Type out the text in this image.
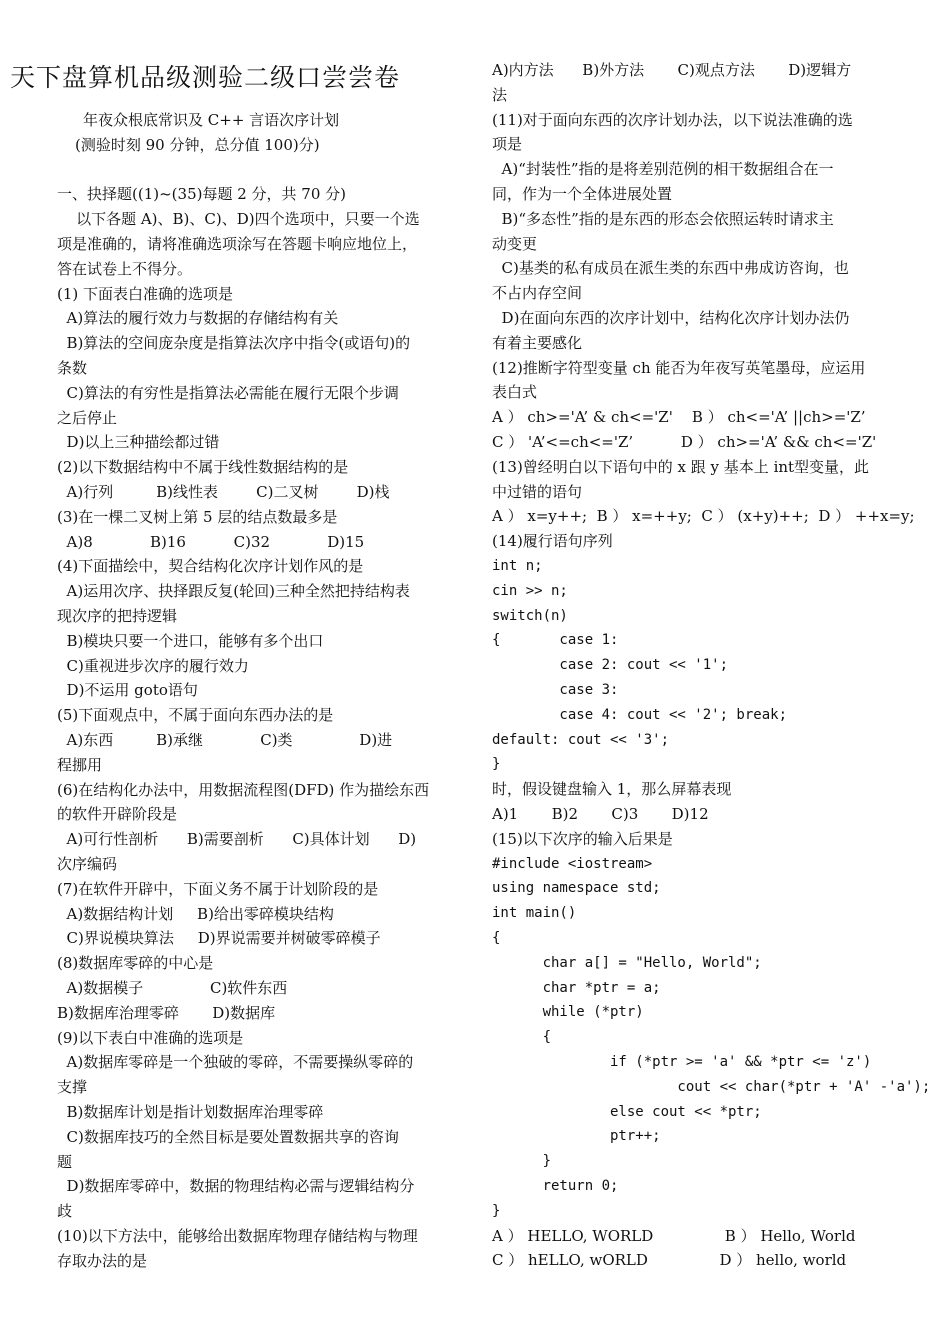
天下盘算机品级测验二级口尝尝卷
年夜众根底常识及 C++ 言语次序计划
(测验时刻 90 分钟，总分值 100)分)
一、抉择题((1)~(35)每题 2 分，共 70 分)
以下各题 A)、B)、C)、D)四个选项中，只要一个选
项是准确的，请将准确选项涂写在答题卡响应地位上，
答在试卷上不得分。
(1) 下面表白准确的选项是
A)算法的履行效力与数据的存储结构有关
B)算法的空间庞杂度是指算法次序中指令(或语句)的
条数
C)算法的有穷性是指算法必需能在履行无限个步调
之后停止
D)以上三种描绘都过错
(2)以下数据结构中不属于线性数据结构的是
A)行列         B)线性表        C)二叉树        D)栈
(3)在一棵二叉树上第 5 层的结点数最多是
A)8            B)16          C)32            D)15
(4)下面描绘中，契合结构化次序计划作风的是
A)运用次序、抉择跟反复(轮回)三种全然把持结构表
现次序的把持逻辑
B)模块只要一个进口，能够有多个出口
C)重视进步次序的履行效力
D)不运用 goto语句
(5)下面观点中，不属于面向东西办法的是
A)东西         B)承继            C)类              D)进
程挪用
(6)在结构化办法中，用数据流程图(DFD) 作为描绘东西
的软件开辟阶段是
A)可行性剖析      B)需要剖析      C)具体计划      D)
次序编码
(7)在软件开辟中，下面义务不属于计划阶段的是
A)数据结构计划     B)给出零碎模块结构
C)界说模块算法     D)界说需要并树破零碎模子
(8)数据库零碎的中心是
A)数据模子              C)软件东西
B)数据库治理零碎       D)数据库
(9)以下表白中准确的选项是
A)数据库零碎是一个独破的零碎，不需要操纵零碎的
支撑
B)数据库计划是指计划数据库治理零碎
C)数据库技巧的全然目标是要处置数据共享的咨询
题
D)数据库零碎中，数据的物理结构必需与逻辑结构分
歧
(10)以下方法中，能够给出数据库物理存储结构与物理
存取办法的是
A)内方法      B)外方法       C)观点方法       D)逻辑方
法
(11)对于面向东西的次序计划办法，以下说法准确的选
项是
A)“封装性”指的是将差别范例的相干数据组合在一
同，作为一个全体进展处置
B)“多态性”指的是东西的形态会依照运转时请求主
动变更
C)基类的私有成员在派生类的东西中弗成访咨询，也
不占内存空间
D)在面向东西的次序计划中，结构化次序计划办法仍
有着主要感化
(12)推断字符型变量 ch 能否为年夜写英笔墨母，应运用
表白式
A ） ch>='A’ & ch<='Z'    B ） ch<='A’ ||ch>='Z’
C ） 'A’<=ch<='Z’          D ） ch>='A’ && ch<='Z'
(13)曾经明白以下语句中的 x 跟 y 基本上 int型变量，此
中过错的语句
A ） x=y++;  B ） x=++y;  C ） (x+y)++;  D ） ++x=y;
(14)履行语句序列
int n;
cin >> n;
switch(n)
{       case 1:
case 2: cout << '1';
case 3:
case 4: cout << '2'; break;
default: cout << '3';
}
时，假设键盘输入 1，那么屏幕表现
A)1       B)2       C)3       D)12
(15)以下次序的输入后果是
#include <iostream>
using namespace std;
int main()
{
char a[] = "Hello, World";
char *ptr = a;
while (*ptr)
{
if (*ptr >= 'a' && *ptr <= 'z')
cout << char(*ptr + 'A' -'a');
else cout << *ptr;
ptr++;
}
return 0;
}
A ） HELLO, WORLD               B ） Hello, World
C ） hELLO, wORLD               D ） hello, world
